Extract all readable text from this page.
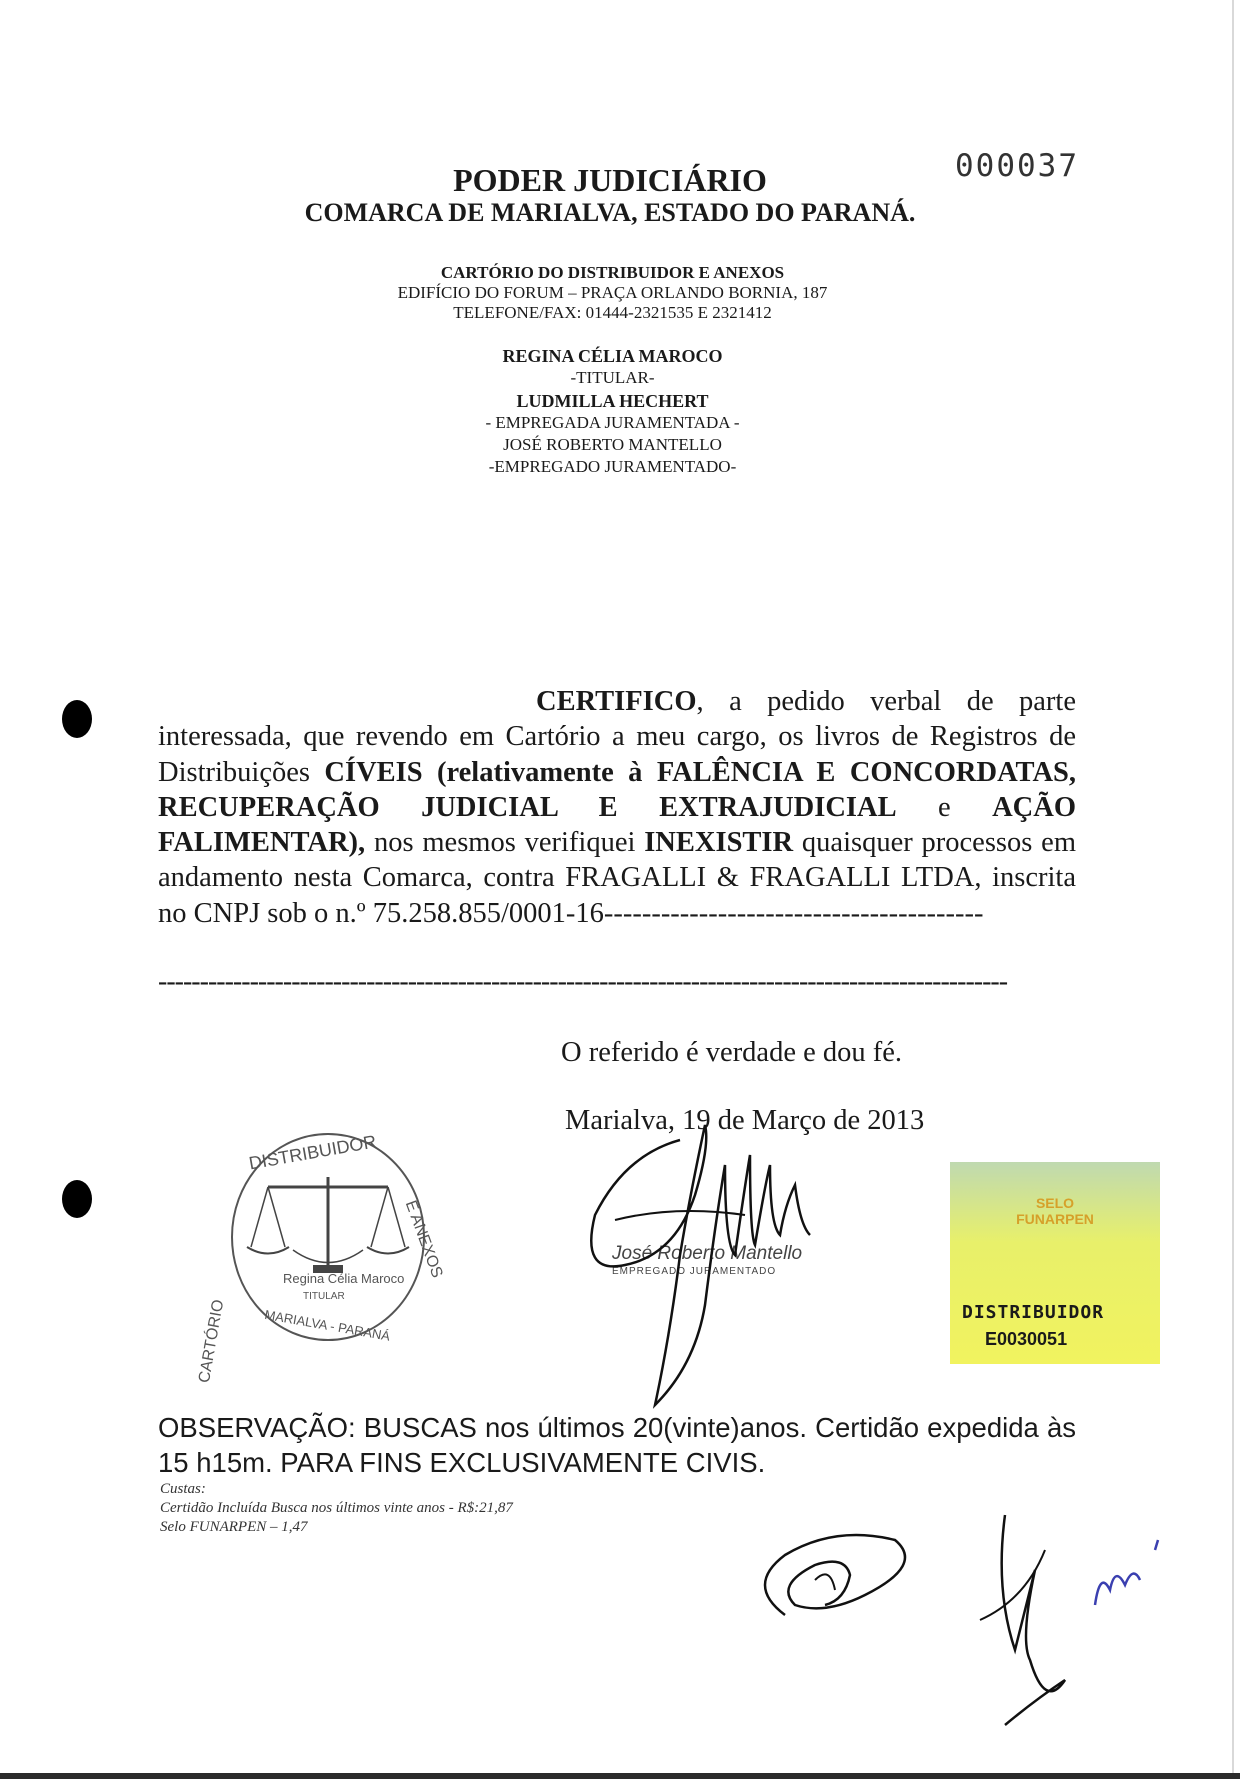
000037
PODER JUDICIÁRIO
COMARCA DE MARIALVA, ESTADO DO PARANÁ.
CARTÓRIO DO DISTRIBUIDOR E ANEXOS
EDIFÍCIO DO FORUM – PRAÇA ORLANDO BORNIA, 187
TELEFONE/FAX: 01444-2321535 E 2321412
REGINA CÉLIA MAROCO
-TITULAR-
LUDMILLA HECHERT
- EMPREGADA JURAMENTADA -
JOSÉ ROBERTO MANTELLO
-EMPREGADO JURAMENTADO-
CERTIFICO, a pedido verbal de parte interessada, que revendo em Cartório a meu cargo, os livros de Registros de Distribuições CÍVEIS (relativamente à FALÊNCIA E CONCORDATAS, RECUPERAÇÃO JUDICIAL E EXTRAJUDICIAL e AÇÃO FALIMENTAR), nos mesmos verifiquei INEXISTIR quaisquer processos em andamento nesta Comarca, contra FRAGALLI & FRAGALLI LTDA, inscrita no CNPJ sob o n.º 75.258.855/0001-16----------------------------------------
------------------------------------------------------------------------------------------------------
O referido é verdade e dou fé.
Marialva, 19 de Março de 2013
Regina Célia Maroco
TITULAR
DISTRIBUIDOR
E ANEXOS
CARTÓRIO	MARIALVA - PARANÁ
José Roberto Mantello
EMPREGADO JURAMENTADO
SELO FUNARPEN
DISTRIBUIDOR
E0030051
OBSERVAÇÃO: BUSCAS nos últimos 20(vinte)anos. Certidão expedida às 15 h15m. PARA FINS EXCLUSIVAMENTE CIVIS.
Custas:
Certidão Incluída Busca nos últimos vinte anos - R$:21,87
Selo FUNARPEN – 1,47
